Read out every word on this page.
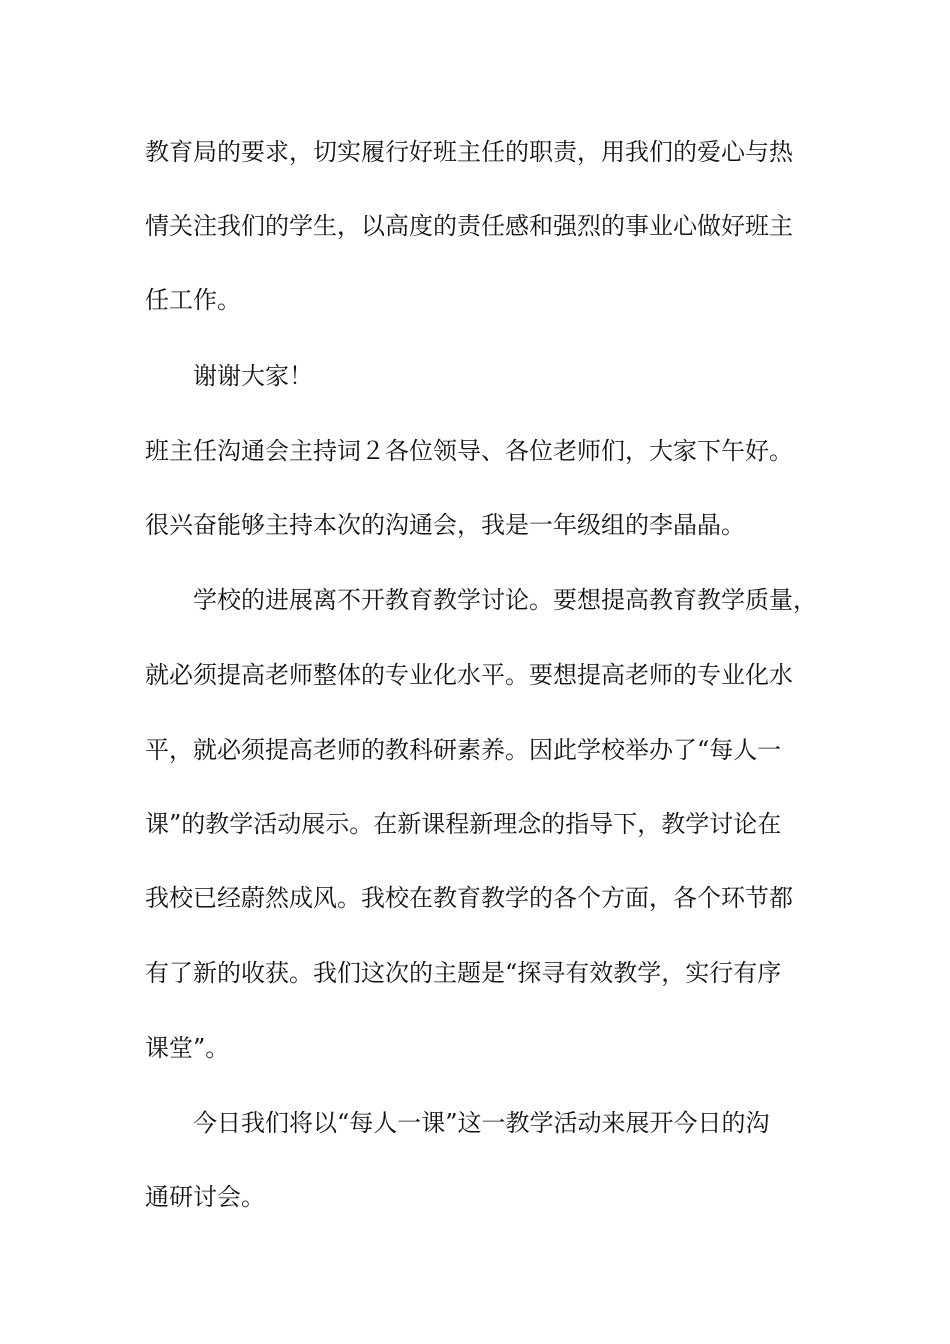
教育局的要求，切实履行好班主任的职责，用我们的爱心与热
情关注我们的学生，以高度的责任感和强烈的事业心做好班主
任工作。
谢谢大家！
班主任沟通会主持词２各位领导、各位老师们，大家下午好。
很兴奋能够主持本次的沟通会，我是一年级组的李晶晶。
学校的进展离不开教育教学讨论。要想提高教育教学质量，
就必须提高老师整体的专业化水平。要想提高老师的专业化水
平，就必须提高老师的教科研素养。因此学校举办了“每人一
课”的教学活动展示。在新课程新理念的指导下，教学讨论在
我校已经蔚然成风。我校在教育教学的各个方面，各个环节都
有了新的收获。我们这次的主题是“探寻有效教学，实行有序
课堂”。
今日我们将以“每人一课”这一教学活动来展开今日的沟
通研讨会。
